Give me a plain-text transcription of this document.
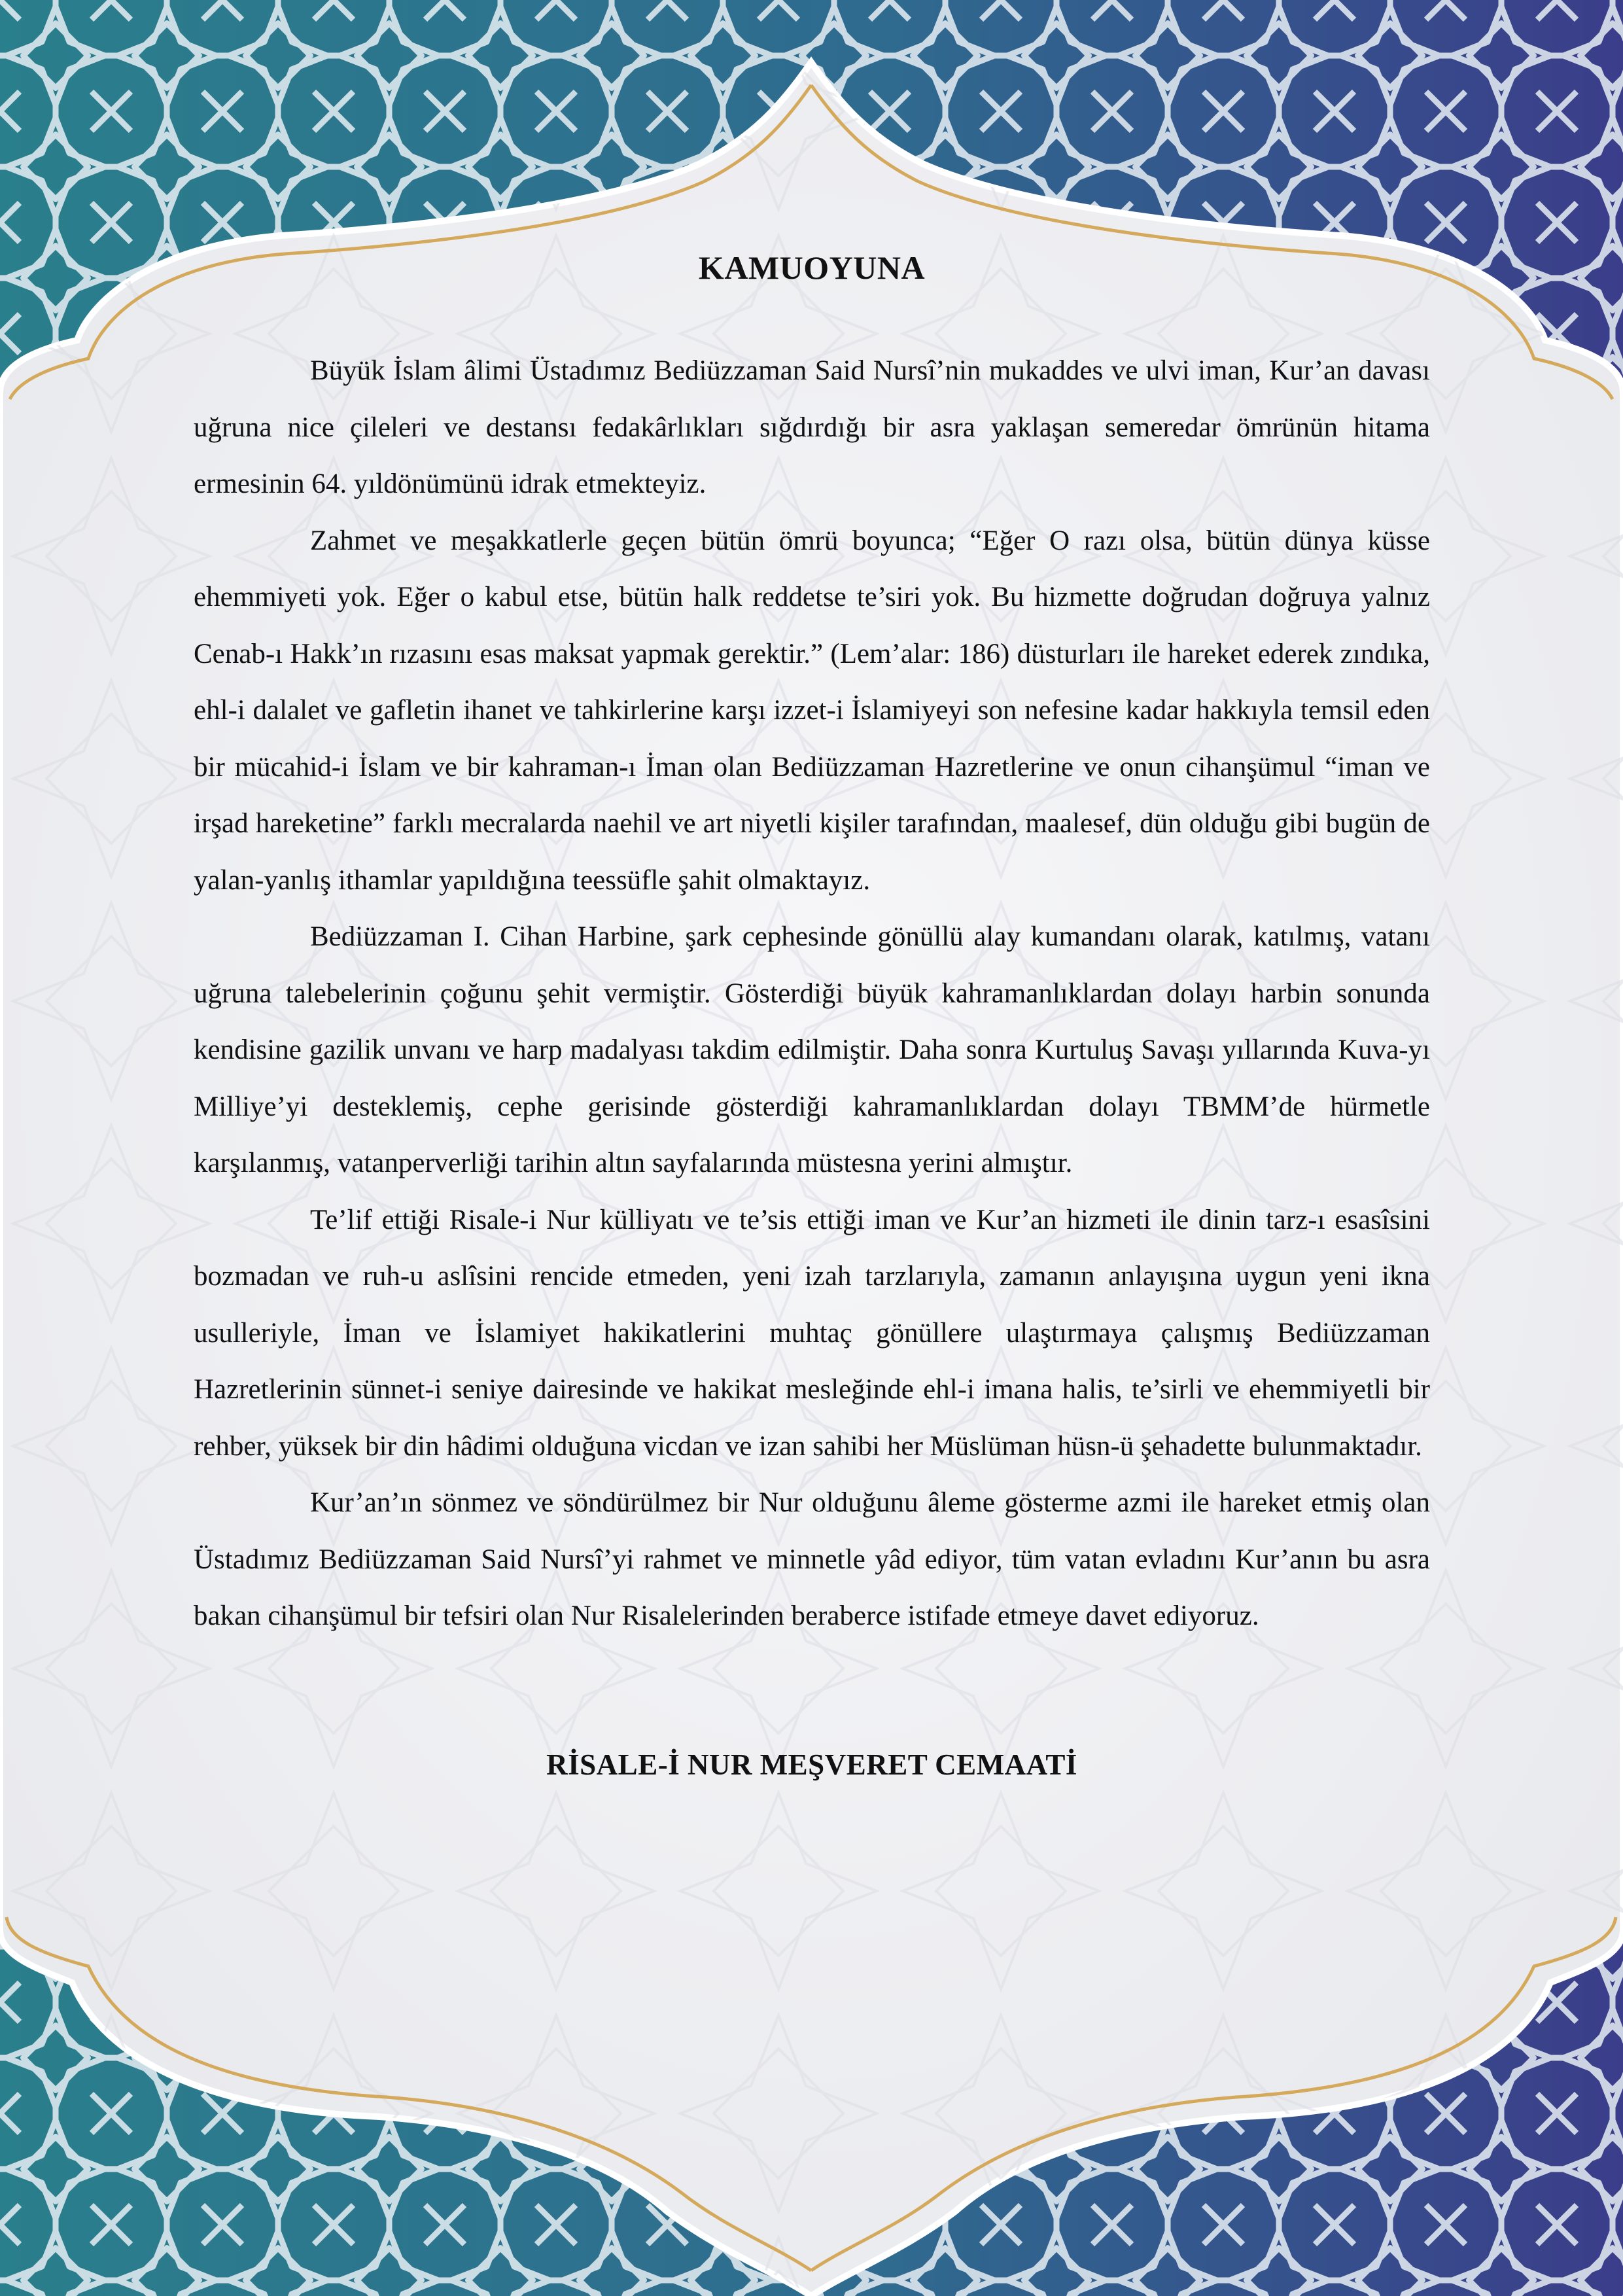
KAMUOYUNA

Büyük İslam âlimi Üstadımız Bediüzzaman Said Nursî’nin mukaddes ve ulvi iman, Kur’an davası uğruna nice çileleri ve destansı fedakârlıkları sığdırdığı bir asra yaklaşan semeredar ömrünün hitama ermesinin 64. yıldönümünü idrak etmekteyiz.

Zahmet ve meşakkatlerle geçen bütün ömrü boyunca; “Eğer O razı olsa, bütün dünya küsse ehemmiyeti yok. Eğer o kabul etse, bütün halk reddetse te’siri yok. Bu hizmette doğrudan doğruya yalnız Cenab-ı Hakk’ın rızasını esas maksat yapmak gerektir.” (Lem’alar: 186) düsturları ile hareket ederek zındıka, ehl-i dalalet ve gafletin ihanet ve tahkirlerine karşı izzet-i İslamiyeyi son nefesine kadar hakkıyla temsil eden bir mücahid-i İslam ve bir kahraman-ı İman olan Bediüzzaman Hazretlerine ve onun cihanşümul “iman ve irşad hareketine” farklı mecralarda naehil ve art niyetli kişiler tarafından, maalesef, dün olduğu gibi bugün de yalan-yanlış ithamlar yapıldığına teessüfle şahit olmaktayız.

Bediüzzaman I. Cihan Harbine, şark cephesinde gönüllü alay kumandanı olarak, katılmış, vatanı uğruna talebelerinin çoğunu şehit vermiştir. Gösterdiği büyük kahramanlıklardan dolayı harbin sonunda kendisine gazilik unvanı ve harp madalyası takdim edilmiştir. Daha sonra Kurtuluş Savaşı yıllarında Kuva-yı Milliye’yi desteklemiş, cephe gerisinde gösterdiği kahramanlıklardan dolayı TBMM’de hürmetle karşılanmış, vatanperverliği tarihin altın sayfalarında müstesna yerini almıştır.

Te’lif ettiği Risale-i Nur külliyatı ve te’sis ettiği iman ve Kur’an hizmeti ile dinin tarz-ı esasîsini bozmadan ve ruh-u aslîsini rencide etmeden, yeni izah tarzlarıyla, zamanın anlayışına uygun yeni ikna usulleriyle, İman ve İslamiyet hakikatlerini muhtaç gönüllere ulaştırmaya çalışmış Bediüzzaman Hazretlerinin sünnet-i seniye dairesinde ve hakikat mesleğinde ehl-i imana halis, te’sirli ve ehemmiyetli bir rehber, yüksek bir din hâdimi olduğuna vicdan ve izan sahibi her Müslüman hüsn-ü şehadette bulunmaktadır.

Kur’an’ın sönmez ve söndürülmez bir Nur olduğunu âleme gösterme azmi ile hareket etmiş olan Üstadımız Bediüzzaman Said Nursî’yi rahmet ve minnetle yâd ediyor, tüm vatan evladını Kur’anın bu asra bakan cihanşümul bir tefsiri olan Nur Risalelerinden beraberce istifade etmeye davet ediyoruz.

RİSALE-İ NUR MEŞVERET CEMAATİ
